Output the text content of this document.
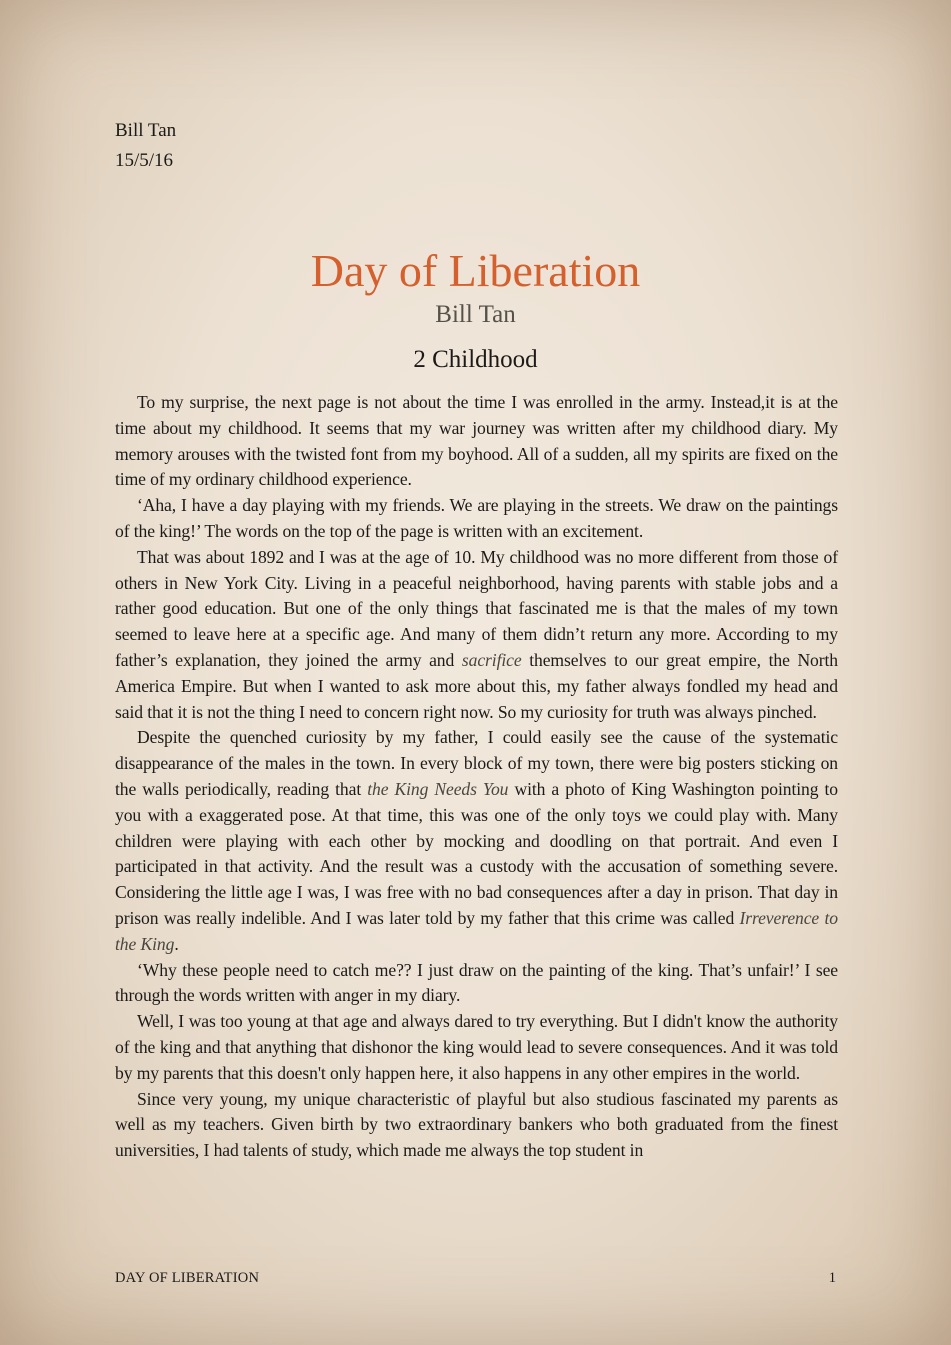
Bill Tan
15/5/16
Day of Liberation
Bill Tan
2 Childhood

To my surprise, the next page is not about the time I was enrolled in the army. Instead,it is at the time about my childhood. It seems that my war journey was written after my childhood diary. My memory arouses with the twisted font from my boyhood. All of a sudden, all my spirits are fixed on the time of my ordinary childhood experience.

‘Aha, I have a day playing with my friends. We are playing in the streets. We draw on the paintings of the king!’ The words on the top of the page is written with an excitement.

That was about 1892 and I was at the age of 10. My childhood was no more different from those of others in New York City. Living in a peaceful neighborhood, having parents with stable jobs and a rather good education. But one of the only things that fascinated me is that the males of my town seemed to leave here at a specific age. And many of them didn’t return any more. According to my father’s explanation, they joined the army and sacrifice themselves to our great empire, the North America Empire. But when I wanted to ask more about this, my father always fondled my head and said that it is not the thing I need to concern right now. So my curiosity for truth was always pinched.

Despite the quenched curiosity by my father, I could easily see the cause of the systematic disappearance of the males in the town. In every block of my town, there were big posters sticking on the walls periodically, reading that the King Needs You with a photo of King Washington pointing to you with a exaggerated pose. At that time, this was one of the only toys we could play with. Many children were playing with each other by mocking and doodling on that portrait. And even I participated in that activity. And the result was a custody with the accusation of something severe. Considering the little age I was, I was free with no bad consequences after a day in prison. That day in prison was really indelible. And I was later told by my father that this crime was called Irreverence to the King.

‘Why these people need to catch me?? I just draw on the painting of the king. That’s unfair!’ I see through the words written with anger in my diary.

Well, I was too young at that age and always dared to try everything. But I didn't know the authority of the king and that anything that dishonor the king would lead to severe consequences. And it was told by my parents that this doesn't only happen here, it also happens in any other empires in the world.

Since very young, my unique characteristic of playful but also studious fascinated my parents as well as my teachers. Given birth by two extraordinary bankers who both graduated from the finest universities, I had talents of study, which made me always the top student in

DAY OF LIBERATION	1
